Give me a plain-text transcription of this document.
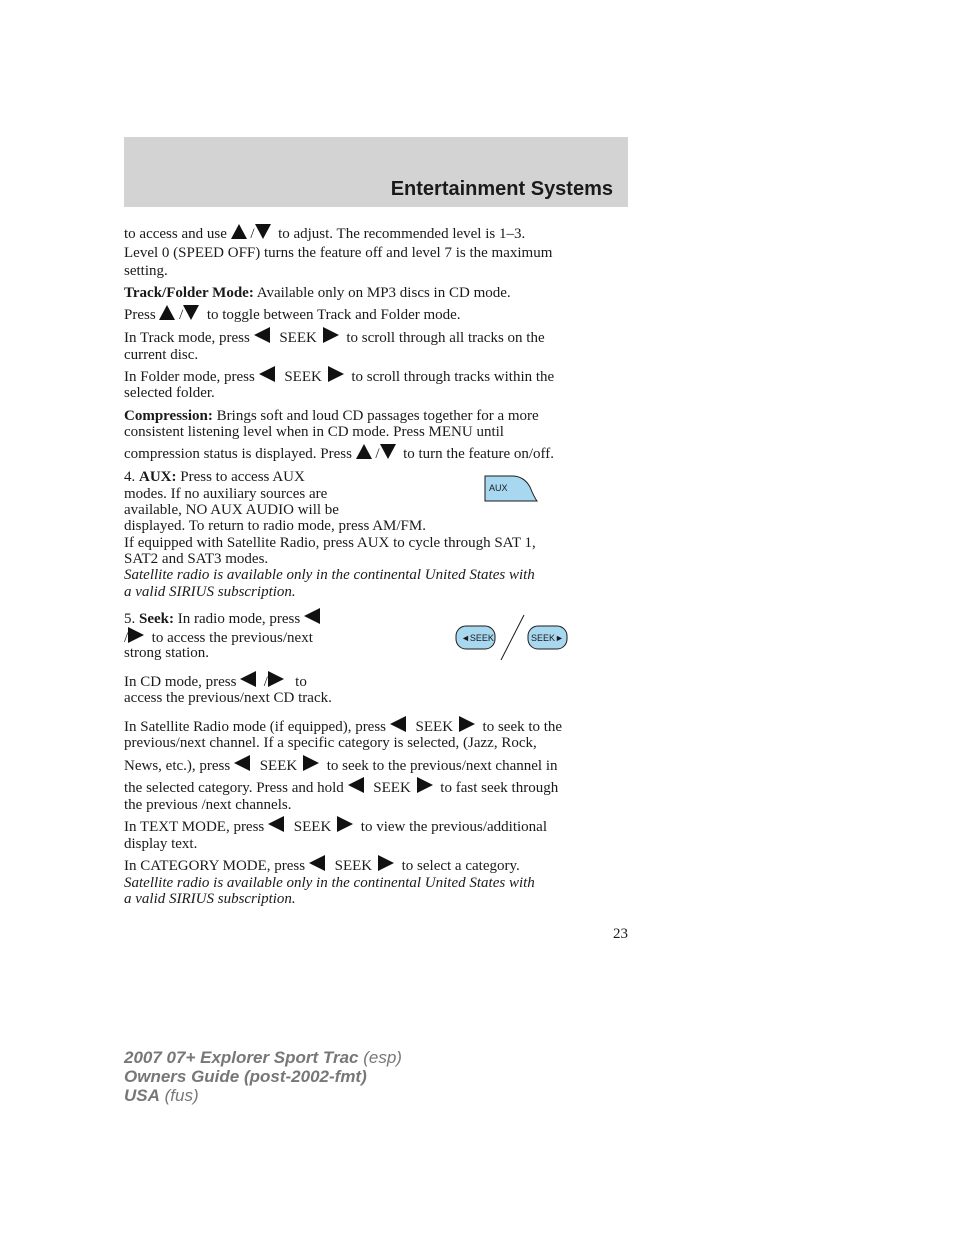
Entertainment Systems
to access and use / to adjust. The recommended level is 1–3.
Level 0 (SPEED OFF) turns the feature off and level 7 is the maximum
setting.
Track/Folder Mode: Available only on MP3 discs in CD mode.
Press / to toggle between Track and Folder mode.
In Track mode, press SEEK to scroll through all tracks on the
current disc.
In Folder mode, press SEEK to scroll through tracks within the
selected folder.
Compression: Brings soft and loud CD passages together for a more
consistent listening level when in CD mode. Press MENU until
compression status is displayed. Press / to turn the feature on/off.
4. AUX: Press to access AUX
modes. If no auxiliary sources are
available, NO AUX AUDIO will be
displayed. To return to radio mode, press AM/FM.
If equipped with Satellite Radio, press AUX to cycle through SAT 1,
SAT2 and SAT3 modes.
Satellite radio is available only in the continental United States with
a valid SIRIUS subscription.
AUX
5. Seek: In radio mode, press
/ to access the previous/next
strong station.
◄SEEK	SEEK►
In CD mode, press / to
access the previous/next CD track.
In Satellite Radio mode (if equipped), press SEEK to seek to the
previous/next channel. If a specific category is selected, (Jazz, Rock,
News, etc.), press SEEK to seek to the previous/next channel in
the selected category. Press and hold SEEK to fast seek through
the previous /next channels.
In TEXT MODE, press SEEK to view the previous/additional
display text.
In CATEGORY MODE, press SEEK to select a category.
Satellite radio is available only in the continental United States with
a valid SIRIUS subscription.
23
2007 07+ Explorer Sport Trac (esp)
Owners Guide (post-2002-fmt)
USA (fus)
